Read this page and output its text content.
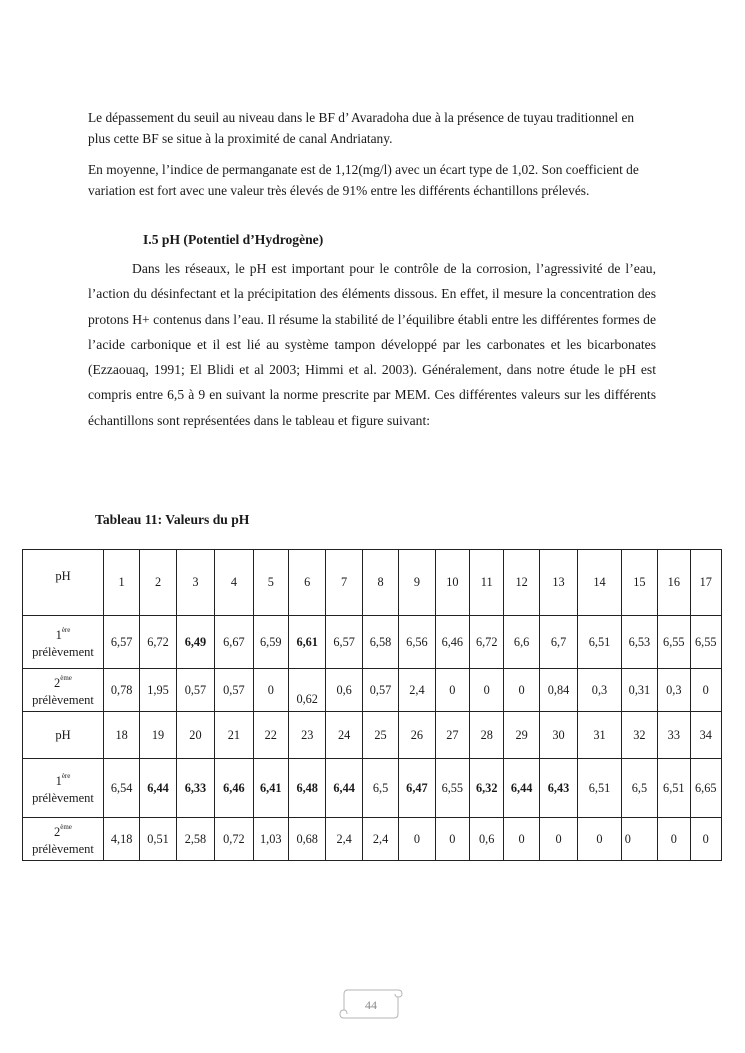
Le dépassement du seuil au niveau dans le BF d’ Avaradoha due à la présence de tuyau traditionnel en plus cette BF se situe à la proximité de canal Andriatany.

En moyenne, l’indice de permanganate est de 1,12(mg/l) avec un écart type de 1,02. Son coefficient de variation est fort avec une valeur très élevés de 91% entre les différents échantillons prélevés.

I.5 pH (Potentiel d’Hydrogène)

Dans les réseaux, le pH est important pour le contrôle de la corrosion, l’agressivité de l’eau, l’action du désinfectant et la précipitation des éléments dissous. En effet, il mesure la concentration des protons H+ contenus dans l’eau. Il résume la stabilité de l’équilibre établi entre les différentes formes de l’acide carbonique et il est lié au système tampon développé par les carbonates et les bicarbonates (Ezzaouaq, 1991; El Blidi et al 2003; Himmi et al. 2003). Généralement, dans notre étude le pH est compris entre 6,5 à 9 en suivant la norme prescrite par MEM. Ces différentes valeurs sur les différents échantillons sont représentées dans le tableau et figure suivant:

Tableau 11: Valeurs du pH

pH	1	2	3	4	5	6	7	8	9	10	11	12	13	14	15	16	17

1ère
prélèvement	6,57	6,72	6,49	6,67	6,59	6,61	6,57	6,58	6,56	6,46	6,72	6,6	6,7	6,51	6,53	6,55	6,55

2ème
prélèvement	0,78	1,95	0,57	0,57	0	0,62	0,6	0,57	2,4	0	0	0	0,84	0,3	0,31	0,3	0
pH	18	19	20	21	22	23	24	25	26	27	28	29	30	31	32	33	34

1ère
prélèvement	6,54	6,44	6,33	6,46	6,41	6,48	6,44	6,5	6,47	6,55	6,32	6,44	6,43	6,51	6,5	6,51	6,65

2ème
prélèvement	4,18	0,51	2,58	0,72	1,03	0,68	2,4	2,4	0	0	0,6	0	0	0	0	0	0
44
